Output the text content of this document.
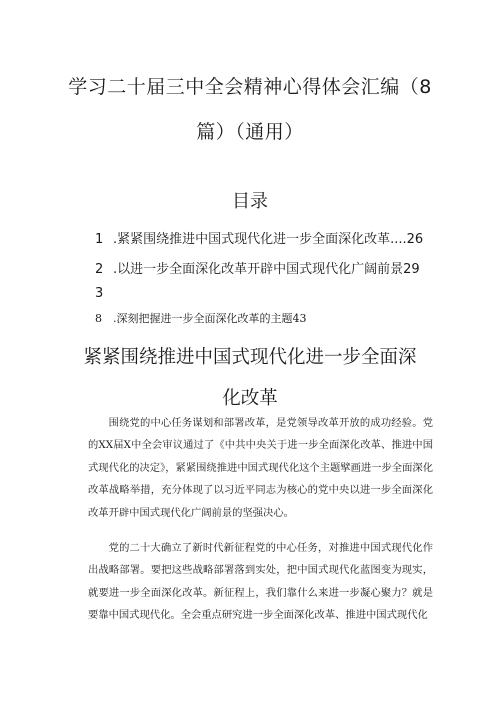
学习二十届三中全会精神心得体会汇编（8
篇）（通用）
目录
1 .紧紧围绕推进中国式现代化进一步全面深化改革....26
2 .以进一步全面深化改革开辟中国式现代化广阔前景29
3
8 .深刻把握进一步全面深化改革的主题43
紧紧围绕推进中国式现代化进一步全面深
化改革

围绕党的中心任务谋划和部署改革，是党领导改革开放的成功经验。党的XX届X中全会审议通过了《中共中央关于进一步全面深化改革、推进中国式现代化的决定》，紧紧围绕推进中国式现代化这个主题擘画进一步全面深化改革战略举措，充分体现了以习近平同志为核心的党中央以进一步全面深化改革开辟中国式现代化广阔前景的坚强决心。

党的二十大确立了新时代新征程党的中心任务，对推进中国式现代化作出战略部署。要把这些战略部署落到实处，把中国式现代化蓝图变为现实，就要进一步全面深化改革。新征程上，我们靠什么来进一步凝心聚力？就是要靠中国式现代化。全会重点研究进一步全面深化改革、推进中国式现代化
